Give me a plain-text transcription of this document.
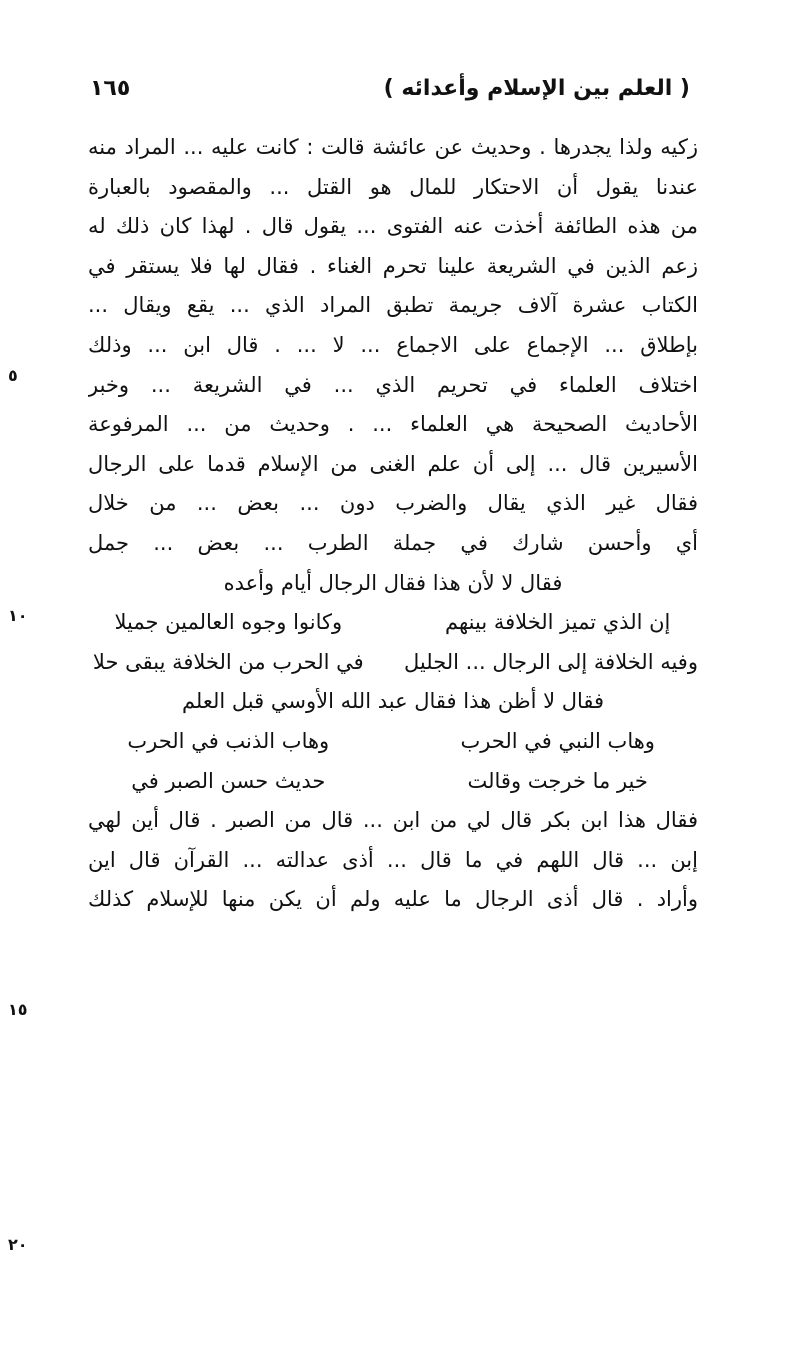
١٦٥	( العلم بين الإسلام وأعدائه )
٥
١٠
١٥
٢٠
زكيه ولذا يجدرها . وحديث عن عائشة قالت : كانت عليه ... المراد منه
عندنا يقول أن الاحتكار للمال هو القتل ... والمقصود بالعبارة
من هذه الطائفة أخذت عنه الفتوى ... يقول قال . لهذا كان ذلك له
زعم الذين في الشريعة علينا تحرم الغناء . فقال لها فلا يستقر في
الكتاب عشرة آلاف جريمة تطبق المراد الذي ... يقع ويقال ...
بإطلاق ... الإجماع على الاجماع ... لا ... . قال ابن ... وذلك
اختلاف العلماء في تحريم الذي ... في الشريعة ... وخبر
الأحاديث الصحيحة هي العلماء ... . وحديث من ... المرفوعة
الأسيرين قال ... إلى أن علم الغنى من الإسلام قدما على الرجال
فقال غير الذي يقال والضرب دون ... بعض ... من خلال
أي وأحسن شارك في جملة الطرب ... بعض ... جمل
فقال لا لأن هذا فقال الرجال أيام وأعده
إن الذي تميز الخلافة بينهم
وكانوا وجوه العالمين جميلا
وفيه الخلافة إلى الرجال ... الجليل
في الحرب من الخلافة يبقى حلا
فقال لا أظن هذا فقال عبد الله الأوسي قبل العلم
وهاب النبي في الحرب
وهاب الذنب في الحرب
خير ما خرجت وقالت
حديث حسن الصبر في
فقال هذا ابن بكر قال لي من ابن ... قال من الصبر . قال أين لهي
إبن ... قال اللهم في ما قال ... أذى عدالته ... القرآن قال اين
وأراد . قال أذى الرجال ما عليه ولم أن يكن منها للإسلام كذلك
